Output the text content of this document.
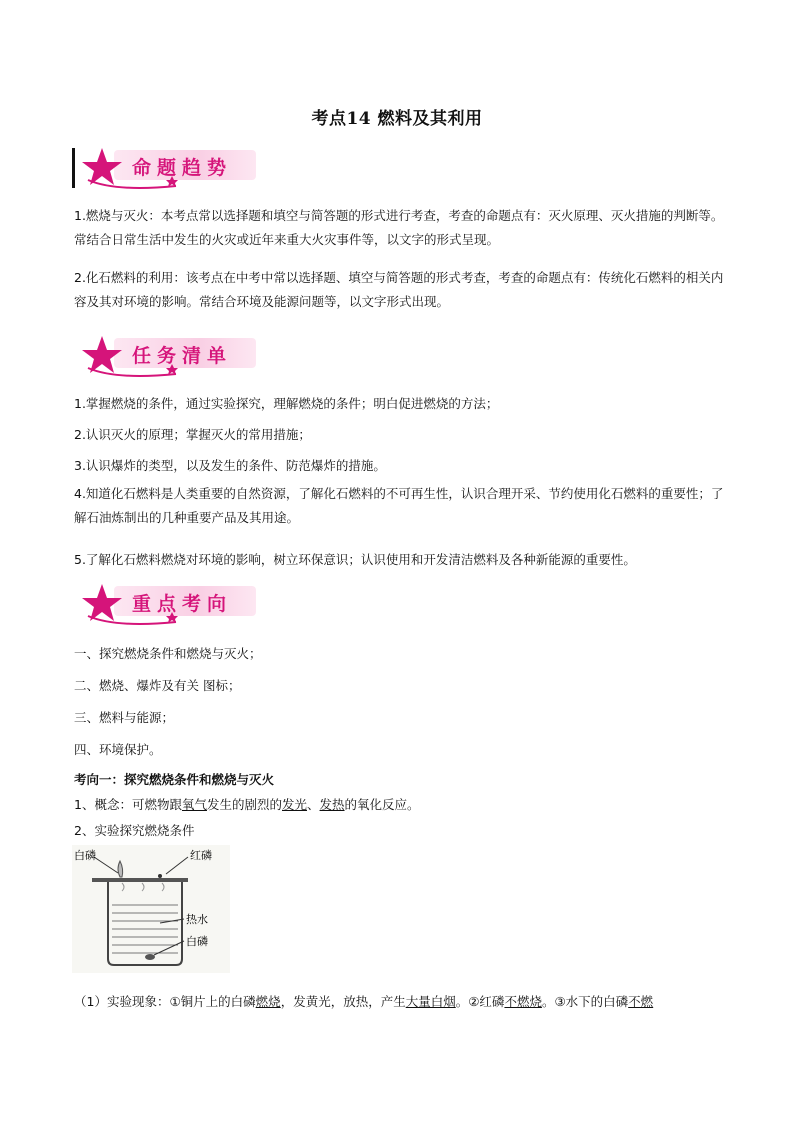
考点14 燃料及其利用
命题趋势
1.燃烧与灭火：本考点常以选择题和填空与简答题的形式进行考查，考查的命题点有：灭火原理、灭火措施的判断等。常结合日常生活中发生的火灾或近年来重大火灾事件等，以文字的形式呈现。
2.化石燃料的利用：该考点在中考中常以选择题、填空与简答题的形式考查，考查的命题点有：传统化石燃料的相关内容及其对环境的影响。常结合环境及能源问题等，以文字形式出现。
任务清单
1.掌握燃烧的条件，通过实验探究，理解燃烧的条件；明白促进燃烧的方法；
2.认识灭火的原理；掌握灭火的常用措施；
3.认识爆炸的类型，以及发生的条件、防范爆炸的措施。
4.知道化石燃料是人类重要的自然资源，了解化石燃料的不可再生性，认识合理开采、节约使用化石燃料的重要性；了解石油炼制出的几种重要产品及其用途。
5.了解化石燃料燃烧对环境的影响，树立环保意识；认识使用和开发清洁燃料及各种新能源的重要性。
重点考向
一、探究燃烧条件和燃烧与灭火；
二、燃烧、爆炸及有关 图标；
三、燃料与能源；
四、环境保护。
考向一：探究燃烧条件和燃烧与灭火
1、概念：可燃物跟氧气发生的剧烈的发光、发热的氧化反应。
2、实验探究燃烧条件
白磷	红磷
热水
白磷
（1）实验现象：①铜片上的白磷燃烧，发黄光，放热，产生大量白烟。②红磷不燃烧。③水下的白磷不燃
